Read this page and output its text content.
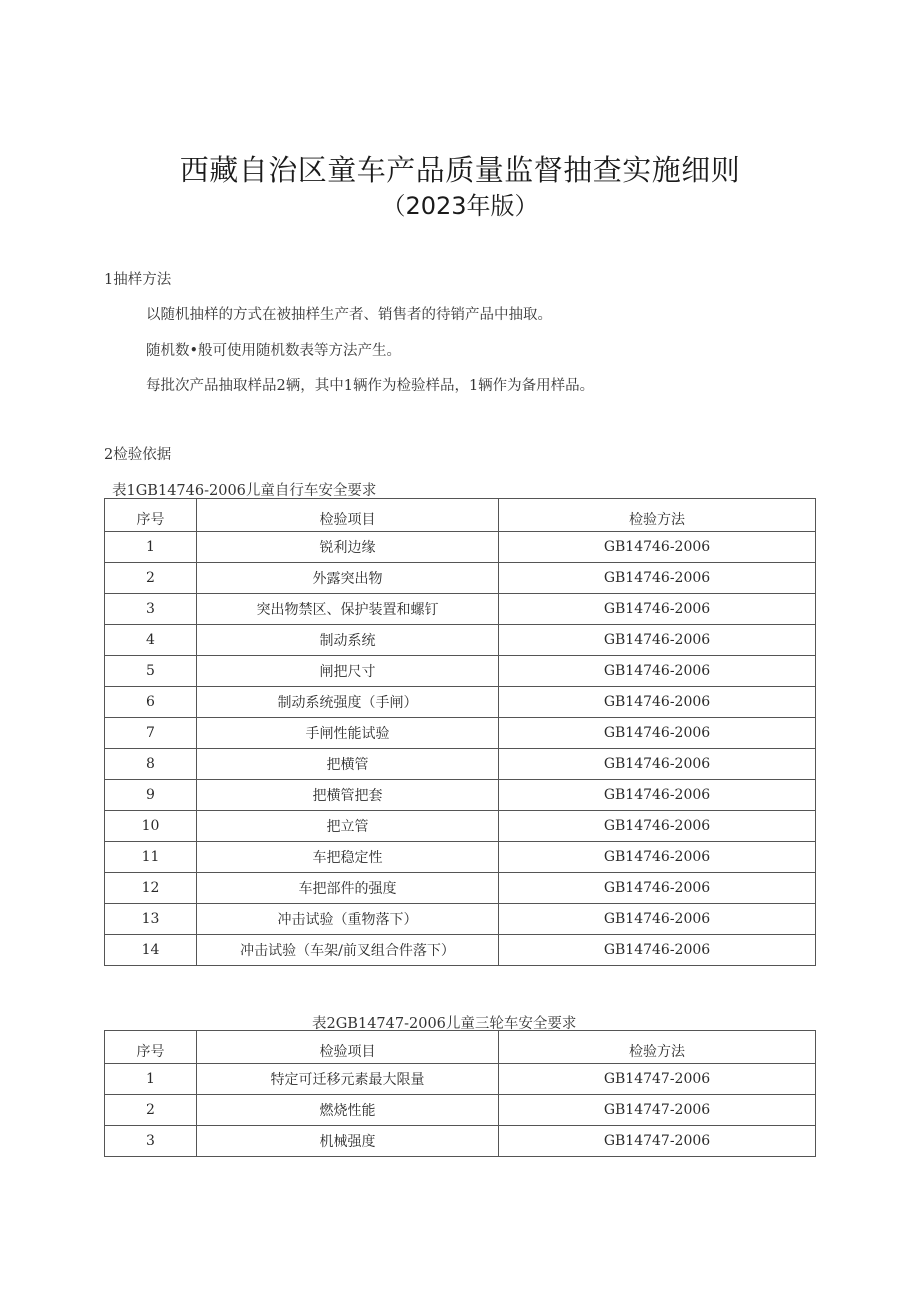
西藏自治区童车产品质量监督抽查实施细则
（2023年版）
1抽样方法
以随机抽样的方式在被抽样生产者、销售者的待销产品中抽取。
随机数•般可使用随机数表等方法产生。
每批次产品抽取样品2辆，其中1辆作为检验样品，1辆作为备用样品。
2检验依据
表1GB14746-2006儿童自行车安全要求
序号	检验项目	检验方法
1	锐利边缘	GB14746-2006
2	外露突出物	GB14746-2006
3	突出物禁区、保护装置和螺钉	GB14746-2006
4	制动系统	GB14746-2006
5	闸把尺寸	GB14746-2006
6	制动系统强度（手闸）	GB14746-2006
7	手闸性能试验	GB14746-2006
8	把横管	GB14746-2006
9	把横管把套	GB14746-2006
10	把立管	GB14746-2006
11	车把稳定性	GB14746-2006
12	车把部件的强度	GB14746-2006
13	冲击试验（重物落下）	GB14746-2006
14	冲击试验（车架/前叉组合件落下）	GB14746-2006
表2GB14747-2006儿童三轮车安全要求
序号	检验项目	检验方法
1	特定可迁移元素最大限量	GB14747-2006
2	燃烧性能	GB14747-2006
3	机械强度	GB14747-2006
